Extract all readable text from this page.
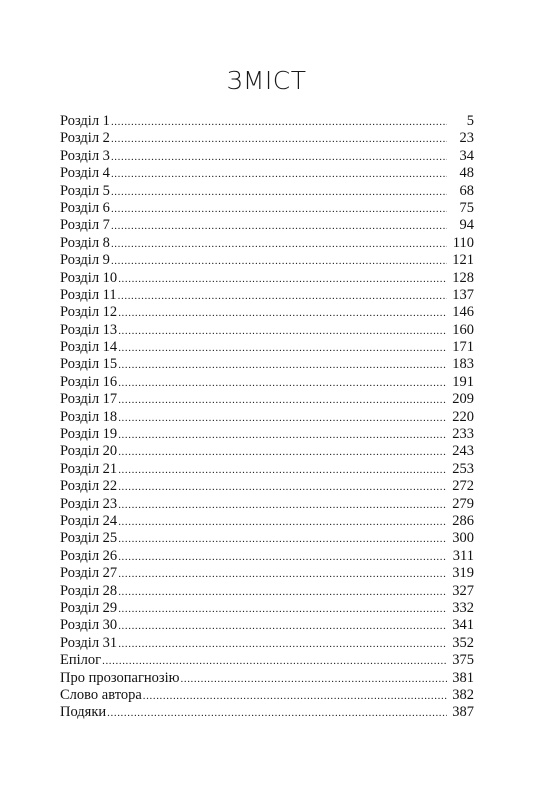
ЗМІСТ
Розділ 1 .....	5
Розділ 2 .....	23
Розділ 3 .....	34
Розділ 4 .....	48
Розділ 5 .....	68
Розділ 6 .....	75
Розділ 7 .....	94
Розділ 8 .....	110
Розділ 9 .....	121
Розділ 10 .....	128
Розділ 11 .....	137
Розділ 12 .....	146
Розділ 13 .....	160
Розділ 14 .....	171
Розділ 15 .....	183
Розділ 16 .....	191
Розділ 17 .....	209
Розділ 18 .....	220
Розділ 19 .....	233
Розділ 20 .....	243
Розділ 21 .....	253
Розділ 22 .....	272
Розділ 23 .....	279
Розділ 24 .....	286
Розділ 25 .....	300
Розділ 26 .....	311
Розділ 27 .....	319
Розділ 28 .....	327
Розділ 29 .....	332
Розділ 30 .....	341
Розділ 31 .....	352
Епілог .....	375
Про прозопагнозію .....	381
Слово автора .....	382
Подяки .....	387
